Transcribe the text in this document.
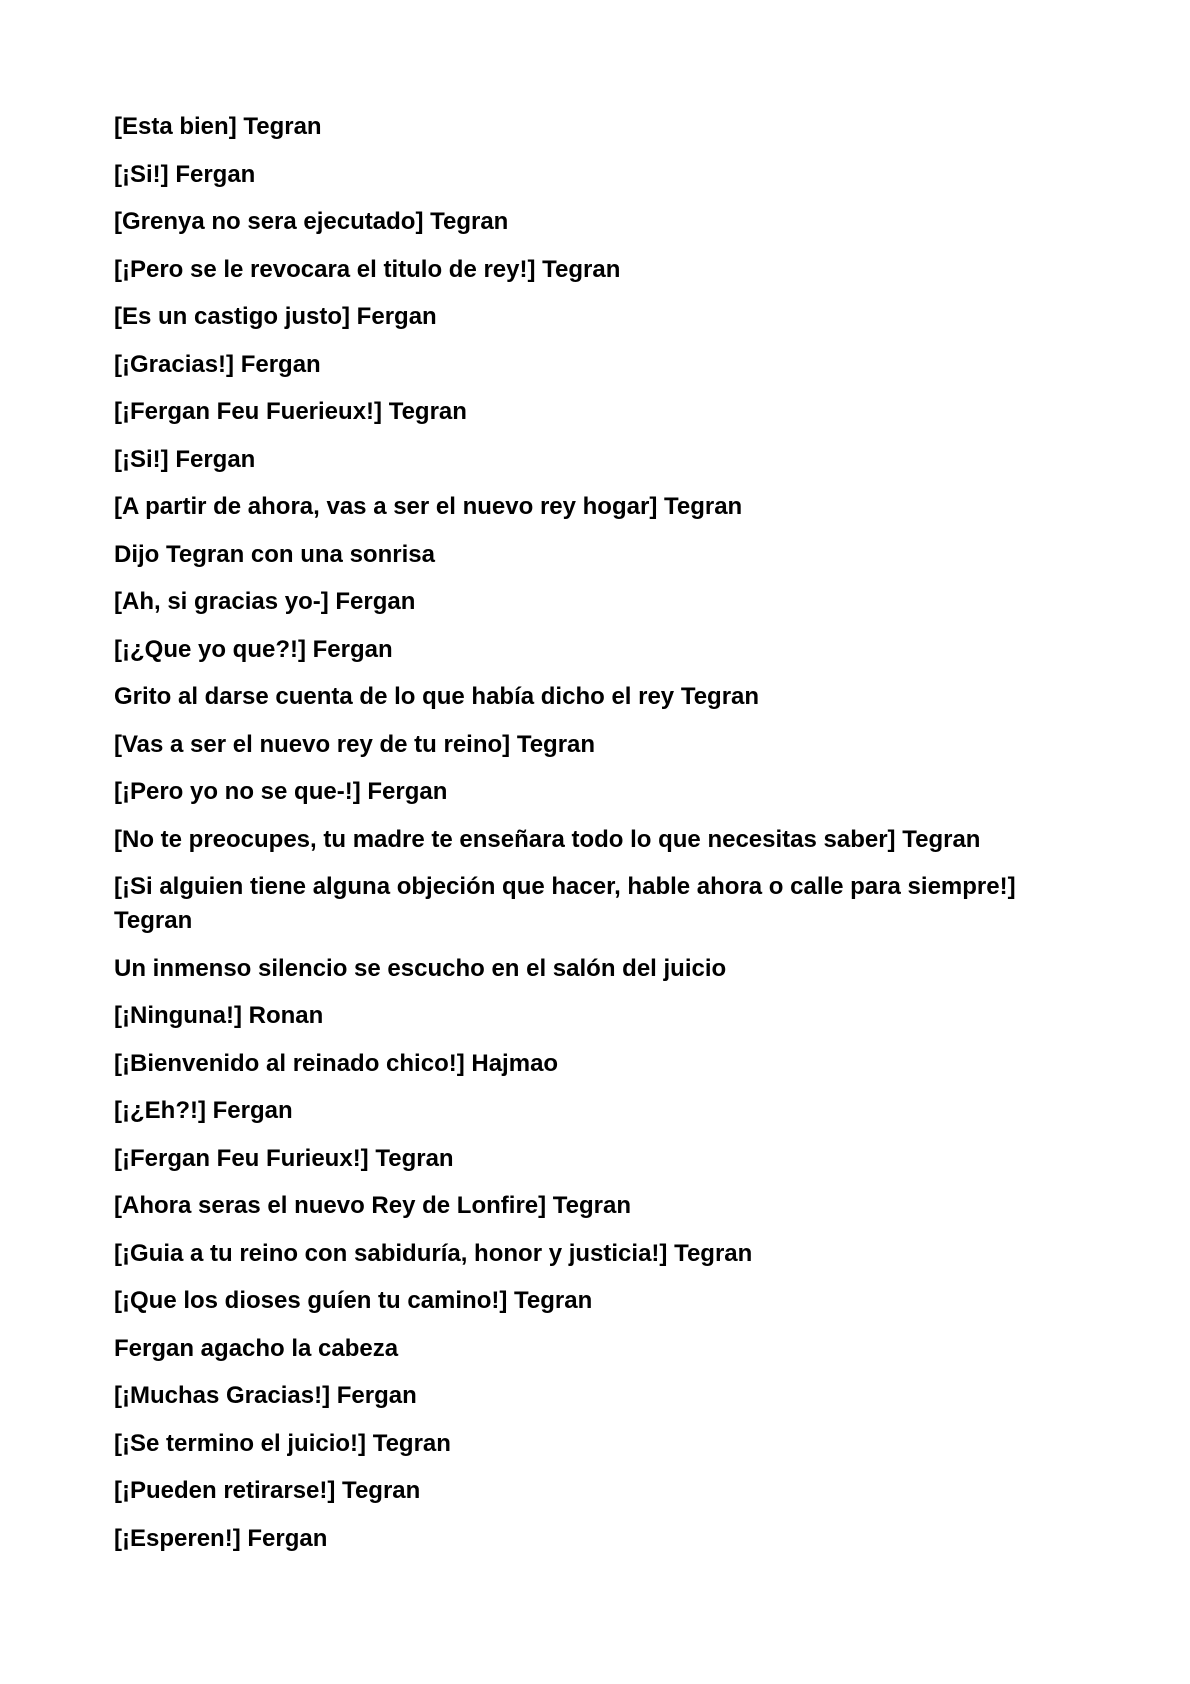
[Esta bien] Tegran
[¡Si!] Fergan
[Grenya no sera ejecutado] Tegran
[¡Pero se le revocara el titulo de rey!] Tegran
[Es un castigo justo] Fergan
[¡Gracias!] Fergan
[¡Fergan Feu Fuerieux!] Tegran
[¡Si!] Fergan
[A partir de ahora, vas a ser el nuevo rey hogar] Tegran
Dijo Tegran con una sonrisa
[Ah, si gracias yo-] Fergan
[¡¿Que yo que?!] Fergan
Grito al darse cuenta de lo que había dicho el rey Tegran
[Vas a ser el nuevo rey de tu reino] Tegran
[¡Pero yo no se que-!] Fergan
[No te preocupes, tu madre te enseñara todo lo que necesitas saber] Tegran
[¡Si alguien tiene alguna objeción que hacer, hable ahora o calle para siempre!] Tegran
Un inmenso silencio se escucho en el salón del juicio
[¡Ninguna!] Ronan
[¡Bienvenido al reinado chico!] Hajmao
[¡¿Eh?!] Fergan
[¡Fergan Feu Furieux!] Tegran
[Ahora seras el nuevo Rey de Lonfire] Tegran
[¡Guia a tu reino con sabiduría, honor y justicia!] Tegran
[¡Que los dioses guíen tu camino!] Tegran
Fergan agacho la cabeza
[¡Muchas Gracias!] Fergan
[¡Se termino el juicio!] Tegran
[¡Pueden retirarse!] Tegran
[¡Esperen!] Fergan
